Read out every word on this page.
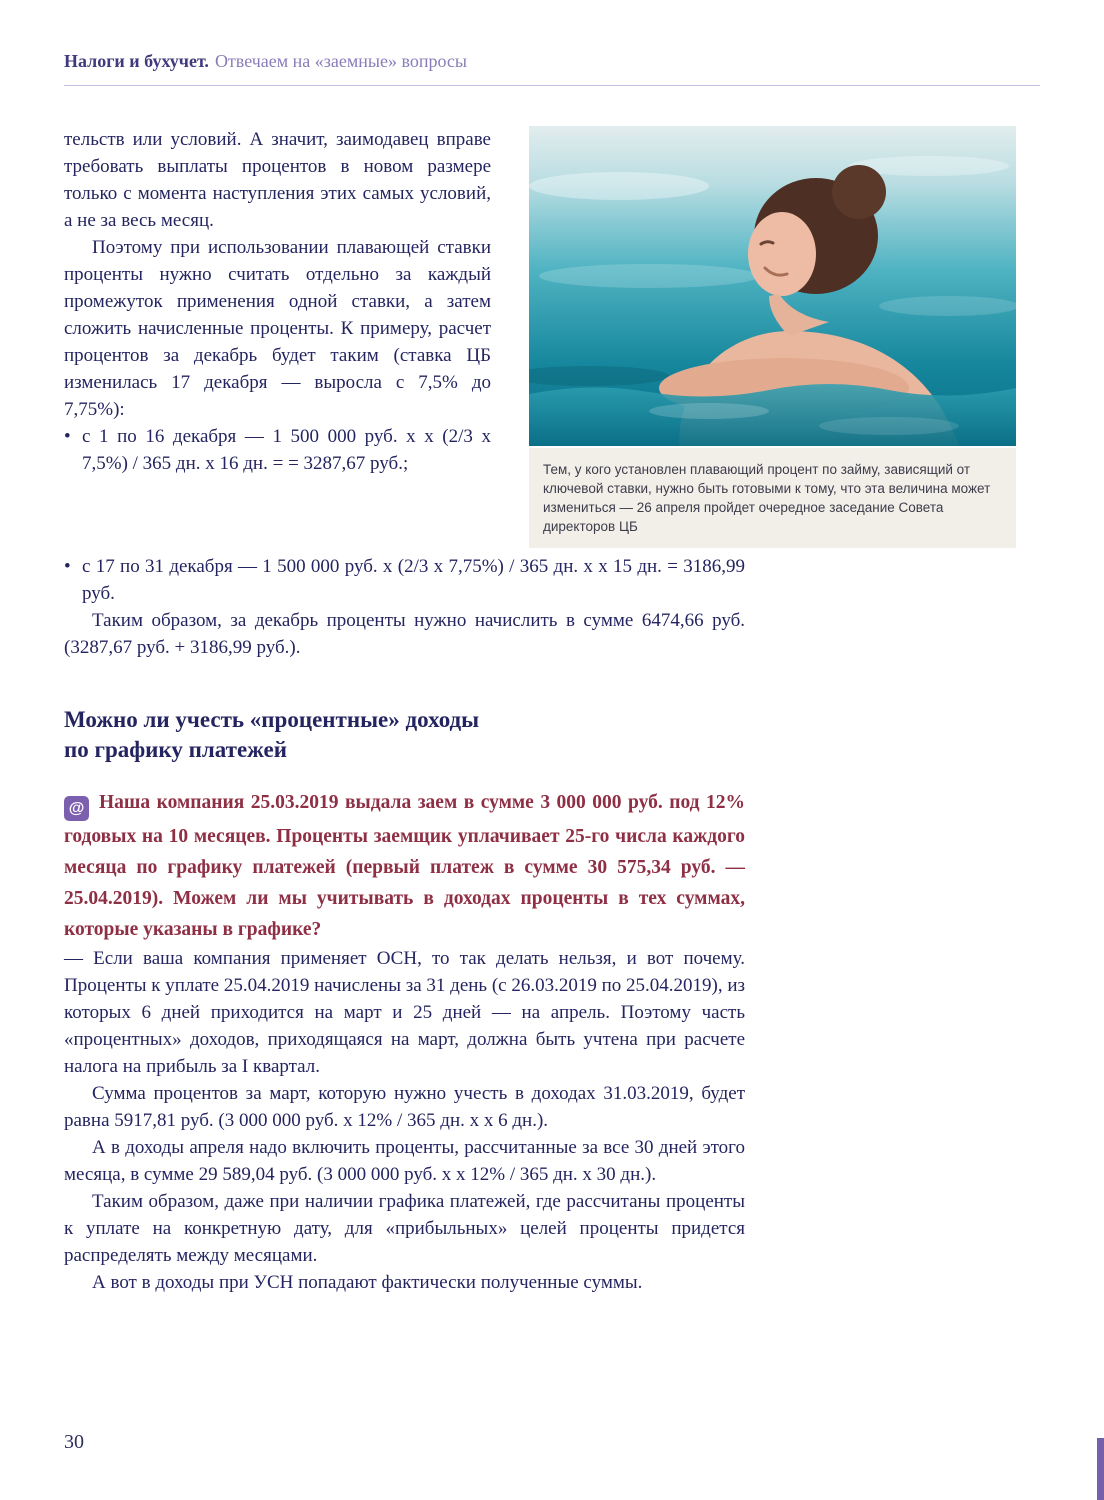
Налоги и бухучет. Отвечаем на «заемные» вопросы

тельств или условий. А значит, заимодавец вправе требовать выплаты процентов в новом размере только с момента наступления этих самых условий, а не за весь месяц.

Поэтому при использовании плавающей ставки проценты нужно считать отдельно за каждый промежуток применения одной ставки, а затем сложить начисленные проценты. К примеру, расчет процентов за декабрь будет таким (ставка ЦБ изменилась 17 декабря — выросла с 7,5% до 7,75%):

• с 1 по 16 декабря — 1 500 000 руб. х х (2/3 х 7,5%) / 365 дн. х 16 дн. = = 3287,67 руб.;	Тем, у кого установлен плавающий процент по займу, зависящий от ключевой ставки, нужно быть готовыми к тому, что эта величина может измениться — 26 апреля пройдет очередное заседание Совета директоров ЦБ
• с 17 по 31 декабря — 1 500 000 руб. х (2/3 х 7,75%) / 365 дн. х х 15 дн. = 3186,99 руб.

Таким образом, за декабрь проценты нужно начислить в сумме 6474,66 руб. (3287,67 руб. + 3186,99 руб.).

Можно ли учесть «процентные» доходы
по графику платежей

@ Наша компания 25.03.2019 выдала заем в сумме 3 000 000 руб. под 12% годовых на 10 месяцев. Проценты заемщик уплачивает 25-го числа каждого месяца по графику платежей (первый платеж в сумме 30 575,34 руб. — 25.04.2019). Можем ли мы учитывать в доходах проценты в тех суммах, которые указаны в графике?

— Если ваша компания применяет ОСН, то так делать нельзя, и вот почему. Проценты к уплате 25.04.2019 начислены за 31 день (с 26.03.2019 по 25.04.2019), из которых 6 дней приходится на март и 25 дней — на апрель. Поэтому часть «процентных» доходов, приходящаяся на март, должна быть учтена при расчете налога на прибыль за I квартал.

Сумма процентов за март, которую нужно учесть в доходах 31.03.2019, будет равна 5917,81 руб. (3 000 000 руб. х 12% / 365 дн. х х 6 дн.).

А в доходы апреля надо включить проценты, рассчитанные за все 30 дней этого месяца, в сумме 29 589,04 руб. (3 000 000 руб. х х 12% / 365 дн. х 30 дн.).

Таким образом, даже при наличии графика платежей, где рассчитаны проценты к уплате на конкретную дату, для «прибыльных» целей проценты придется распределять между месяцами.

А вот в доходы при УСН попадают фактически полученные суммы.

30
